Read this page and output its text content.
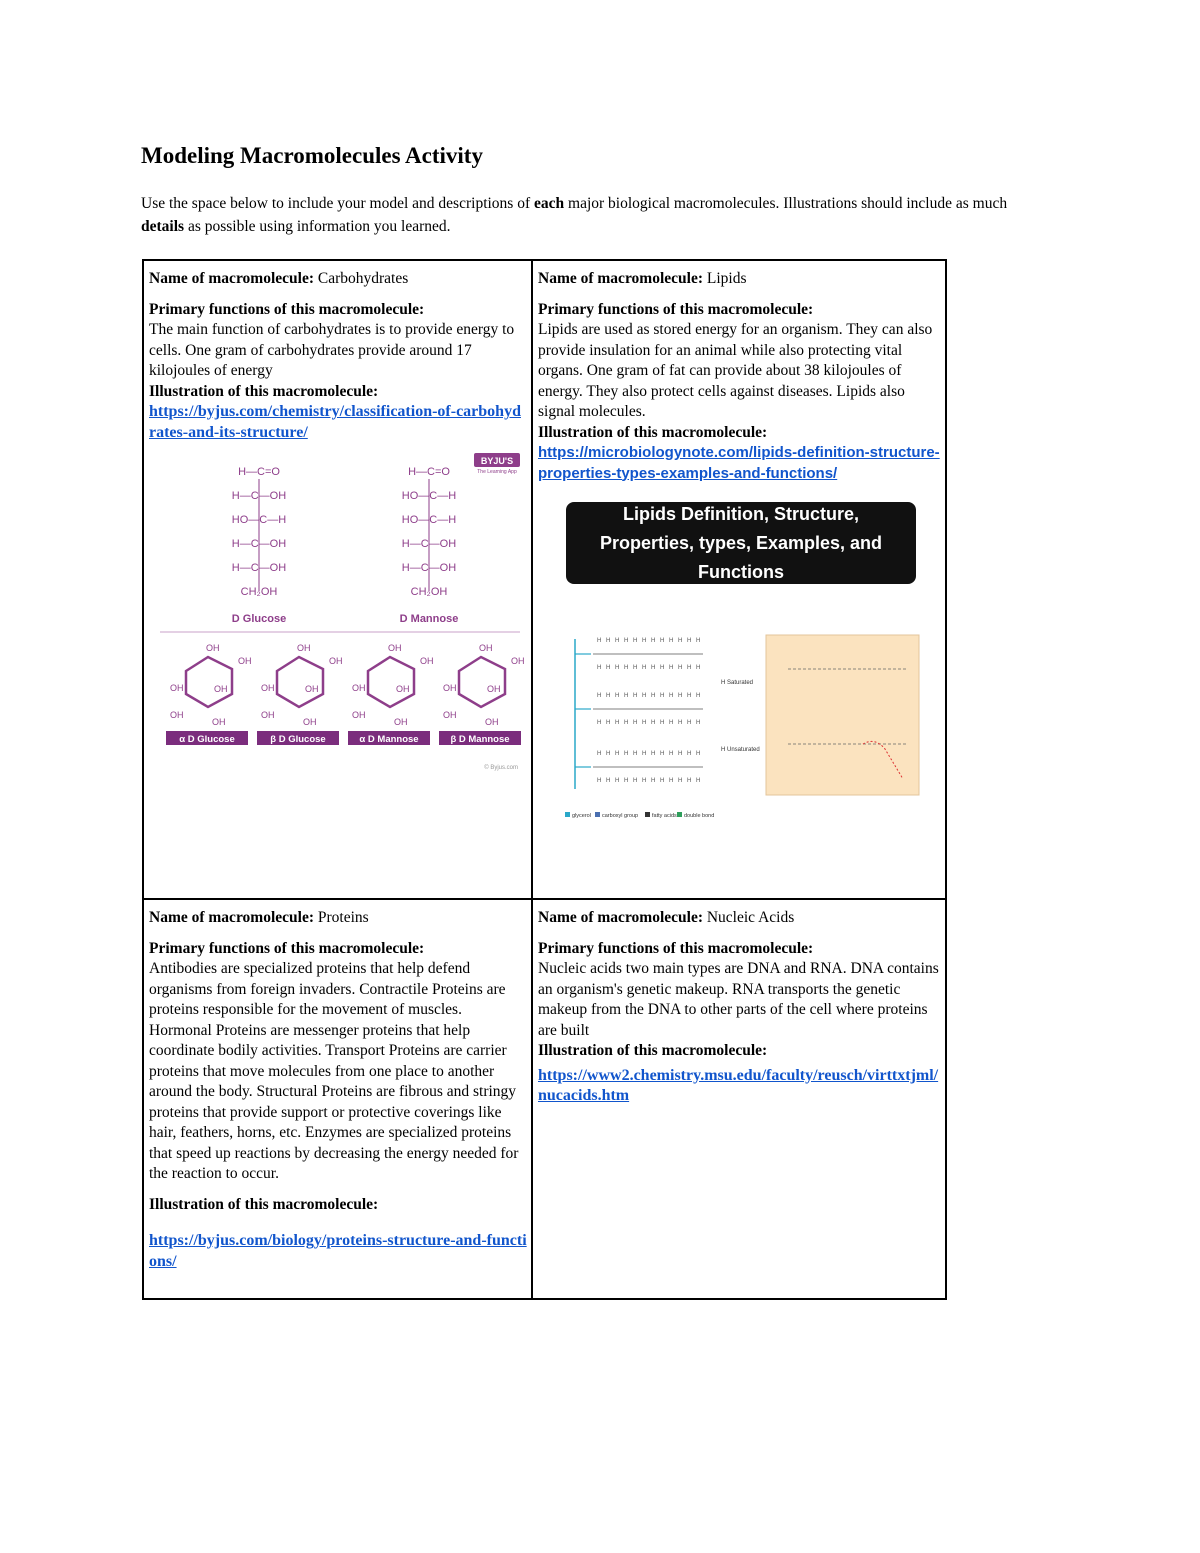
Modeling Macromolecules Activity

Use the space below to include your model and descriptions of each major biological macromolecules. Illustrations should include as much details as possible using information you learned.

Name of macromolecule: Carbohydrates
Primary functions of this macromolecule:
The main function of carbohydrates is to provide energy to cells. One gram of carbohydrates provide around 17 kilojoules of energy
Illustration of this macromolecule:
https://byjus.com/chemistry/classification-of-carbohydrates-and-its-structure/
BYJU'S
The Learning App
H—C=O
H—C—OH
HO—C—H
H—C—OH
H—C—OH
CH₂OH
H—C=O
HO—C—H
HO—C—H
H—C—OH
H—C—OH
CH₂OH
D Glucose	D Mannose
OH
OH
OH	OH
OH
OH
α D Glucose
OH
OH
OH	OH
OH
OH
β D Glucose
OH
OH
OH	OH
OH
OH
α D Mannose
OH
OH
OH	OH
OH
OH
β D Mannose
© Byjus.com
Name of macromolecule: Lipids
Primary functions of this macromolecule:
Lipids are used as stored energy for an organism. They can also provide insulation for an animal while also protecting vital organs. One gram of fat can provide about 38 kilojoules of energy. They also protect cells against diseases. Lipids also signal molecules.
Illustration of this macromolecule:
https://microbiologynote.com/lipids-definition-structure-properties-types-examples-and-functions/
Lipids Definition, Structure, Properties, types, Examples, and Functions
H
H
H
H
H
H
H
H
H
H
H
H
H
H
H
H
H
H
H
H
H
H
H
H
H
H
H
H
H
H
H
H
H
H
H
H
H
H
H
H
H
H
H
H
H
H
H
H
H
H
H
H
H
H
H
H
H
H
H
H
H
H
H
H
H
H
H
H
H
H
H
H
H Saturated
H Unsaturated
glycerol carboxyl group	fatty acids double bond
Name of macromolecule: Proteins
Primary functions of this macromolecule:
Antibodies are specialized proteins that help defend organisms from foreign invaders. Contractile Proteins are proteins responsible for the movement of muscles. Hormonal Proteins are messenger proteins that help coordinate bodily activities. Transport Proteins are carrier proteins that move molecules from one place to another around the body. Structural Proteins are fibrous and stringy proteins that provide support or protective coverings like hair, feathers, horns, etc. Enzymes are specialized proteins that speed up reactions by decreasing the energy needed for the reaction to occur.
Illustration of this macromolecule:
https://byjus.com/biology/proteins-structure-and-functions/
Name of macromolecule: Nucleic Acids
Primary functions of this macromolecule:
Nucleic acids two main types are DNA and RNA. DNA contains an organism's genetic makeup. RNA transports the genetic makeup from the DNA to other parts of the cell where proteins are built
Illustration of this macromolecule:
https://www2.chemistry.msu.edu/faculty/reusch/virttxtjml/nucacids.htm
